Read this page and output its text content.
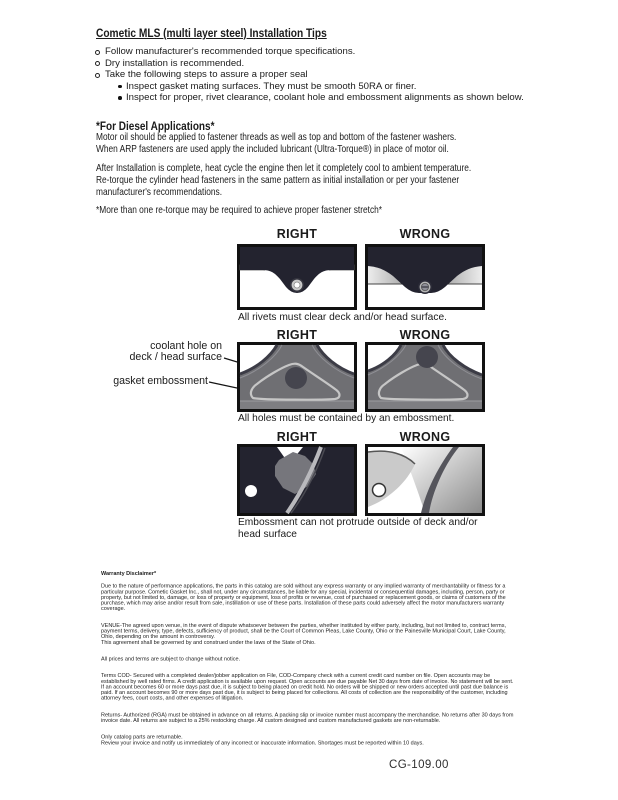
Cometic MLS (multi layer steel) Installation Tips
Follow manufacturer's recommended torque specifications.
Dry installation is recommended.
Take the following steps to assure a proper seal
Inspect gasket mating surfaces. They must be smooth 50RA or finer.
Inspect for proper, rivet clearance, coolant hole and embossment alignments as shown below.
*For Diesel Applications*
Motor oil should be applied to fastener threads as well as top and bottom of the fastener washers. When ARP fasteners are used apply the included lubricant (Ultra-Torque®) in place of motor oil.
After Installation is complete, heat cycle the engine then let it completely cool to ambient temperature. Re-torque the cylinder head fasteners in the same pattern as initial installation or per your fastener manufacturer's recommendations.
*More than one re-torque may be required to achieve proper fastener stretch*
RIGHT	WRONG
All rivets must clear deck and/or head surface.
RIGHT	WRONG
coolant hole on
deck / head surface
gasket embossment
All holes must be contained by an embossment.
RIGHT	WRONG
Embossment can not protrude outside of deck and/or head surface
Warranty Disclaimer*

Due to the nature of performance applications, the parts in this catalog are sold without any express warranty or any implied warranty of merchantability or fitness for a particular purpose. Cometic Gasket Inc., shall not, under any circumstances, be liable for any special, incidental or consequential damages, including, person, party or property, but not limited to, damage, or loss of property or equipment, loss of profits or revenue, cost of purchased or replacement goods, or claims of customers of the purchase, which may arise and/or result from sale, instillation or use of these parts. Installation of these parts could adversely affect the motor manufacturers warranty coverage.

VENUE-The agreed upon venue, in the event of dispute whatsoever between the parties, whether instituted by either party, including, but not limited to, contract terms, payment terms, delivery, type, defects, sufficiency of product, shall be the Court of Common Pleas, Lake County, Ohio or the Painesville Municipal Court, Lake County, Ohio, depending on the amount in controversy.
This agreement shall be governed by and construed under the laws of the State of Ohio.

All prices and terms are subject to change without notice.

Terms COD- Secured with a completed dealer/jobber application on File, COD-Company check with a current credit card number on file. Open accounts may be established by well rated firms. A credit application is available upon request. Open accounts are due payable Net 30 days from date of invoice. No statement will be sent. If an account becomes 60 or more days past due, it is subject to being placed on credit hold. No orders will be shipped or new orders accepted until past due balance is paid. If an account becomes 90 or more days past due, it is subject to being placed for collections. All costs of collection are the responsibility of the customer, including attorney fees, court costs, and other expenses of litigation.

Returns- Authorized (RGA) must be obtained in advance on all returns. A packing slip or invoice number must accompany the merchandise. No returns after 30 days from invoice date. All returns are subject to a 25% restocking charge. All custom designed and custom manufactured gaskets are non-returnable.

Only catalog parts are returnable.
Review your invoice and notify us immediately of any incorrect or inaccurate information. Shortages must be reported within 10 days.

CG-109.00
